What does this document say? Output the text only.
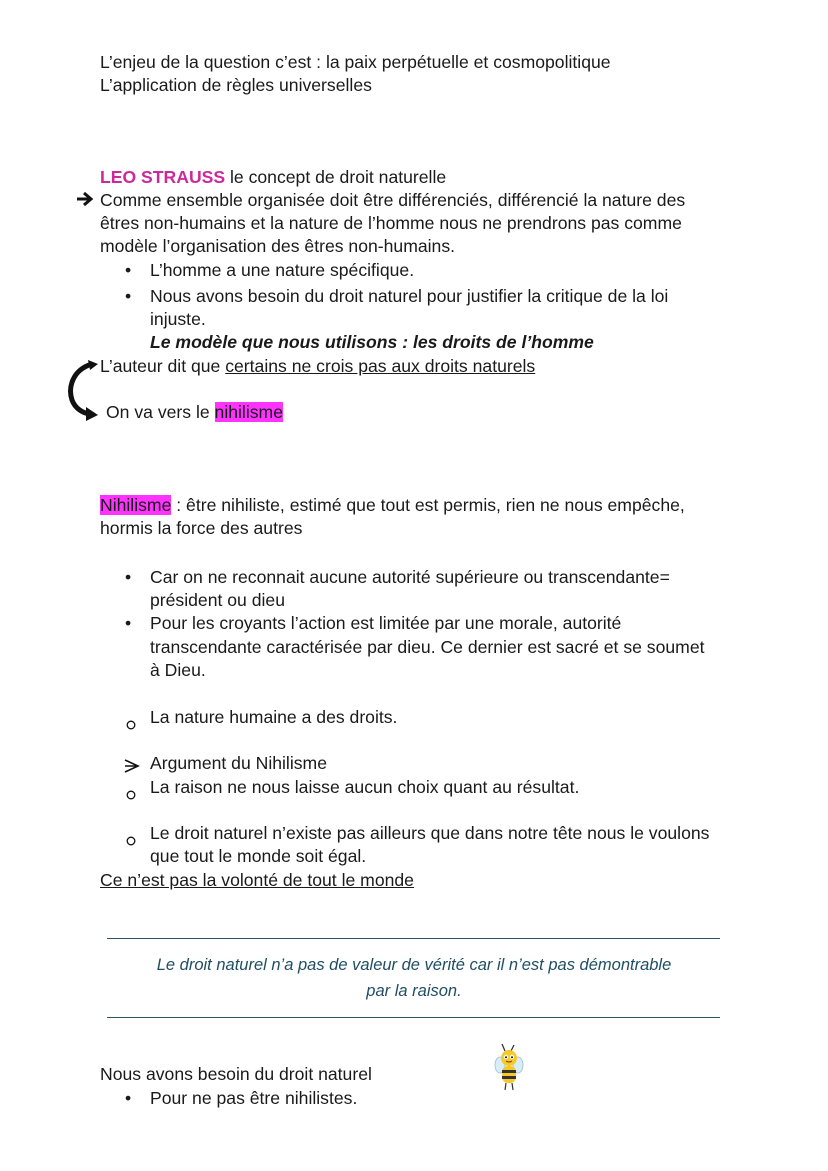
L’enjeu de la question c’est : la paix perpétuelle et cosmopolitique
L’application de règles universelles
LEO STRAUSS le concept de droit naturelle
Comme ensemble organisée doit être différenciés, différencié la nature des
êtres non-humains et la nature de l’homme nous ne prendrons pas comme
modèle l’organisation des êtres non-humains.
• L’homme a une nature spécifique.
• Nous avons besoin du droit naturel pour justifier la critique de la loi
injuste.
Le modèle que nous utilisons : les droits de l’homme
L’auteur dit que certains ne crois pas aux droits naturels
On va vers le nihilisme
Nihilisme : être nihiliste, estimé que tout est permis, rien ne nous empêche,
hormis la force des autres
• Car on ne reconnait aucune autorité supérieure ou transcendante=
président ou dieu
• Pour les croyants l’action est limitée par une morale, autorité
transcendante caractérisée par dieu. Ce dernier est sacré et se soumet
à Dieu.
La nature humaine a des droits.
Argument du Nihilisme
La raison ne nous laisse aucun choix quant au résultat.
Le droit naturel n’existe pas ailleurs que dans notre tête nous le voulons
que tout le monde soit égal.
Ce n’est pas la volonté de tout le monde
Le droit naturel n’a pas de valeur de vérité car il n’est pas démontrable
par la raison.
Nous avons besoin du droit naturel
• Pour ne pas être nihilistes.
